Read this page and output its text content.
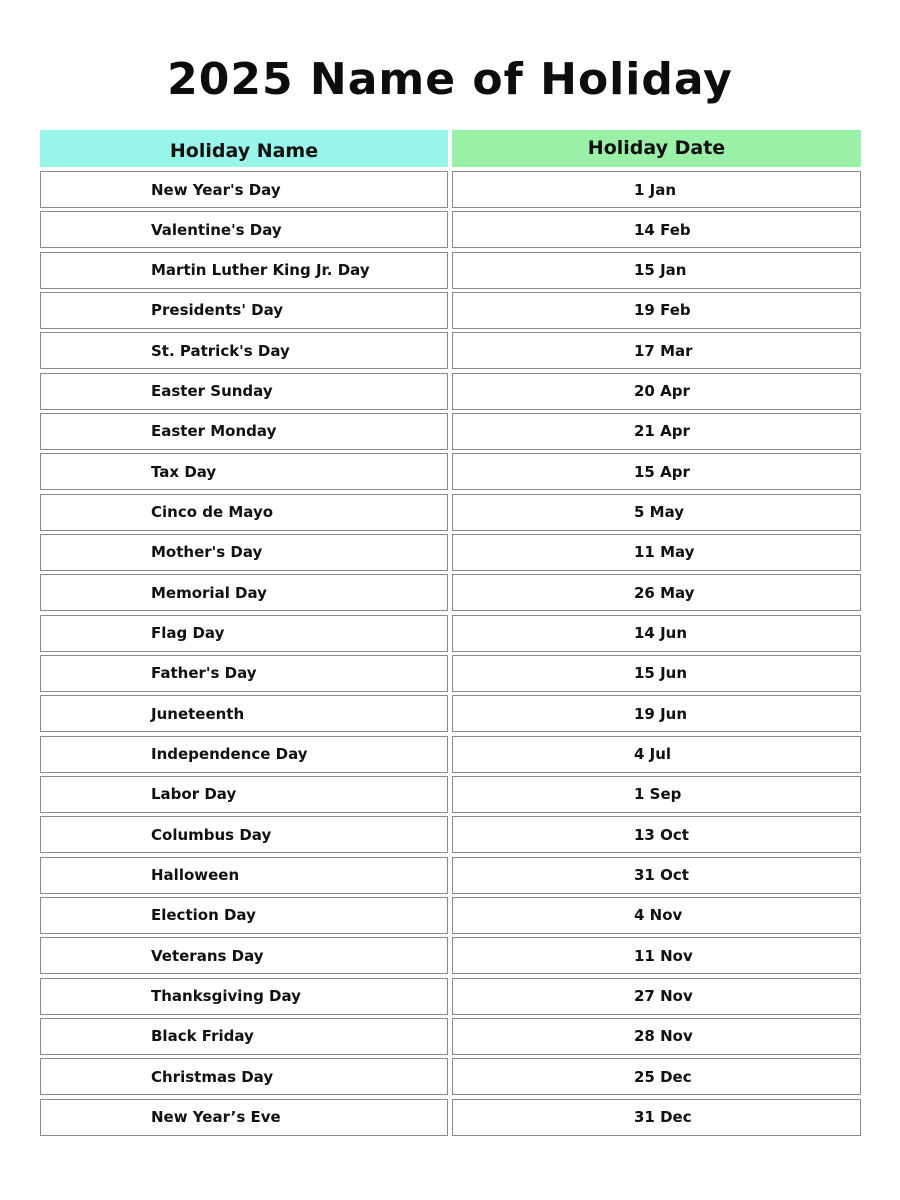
2025 Name of Holiday
Holiday Name	Holiday Date
New Year's Day	1 Jan
Valentine's Day	14 Feb
Martin Luther King Jr. Day	15 Jan
Presidents' Day	19 Feb
St. Patrick's Day	17 Mar
Easter Sunday	20 Apr
Easter Monday	21 Apr
Tax Day	15 Apr
Cinco de Mayo	5 May
Mother's Day	11 May
Memorial Day	26 May
Flag Day	14 Jun
Father's Day	15 Jun
Juneteenth	19 Jun
Independence Day	4 Jul
Labor Day	1 Sep
Columbus Day	13 Oct
Halloween	31 Oct
Election Day	4 Nov
Veterans Day	11 Nov
Thanksgiving Day	27 Nov
Black Friday	28 Nov
Christmas Day	25 Dec
New Year’s Eve	31 Dec
